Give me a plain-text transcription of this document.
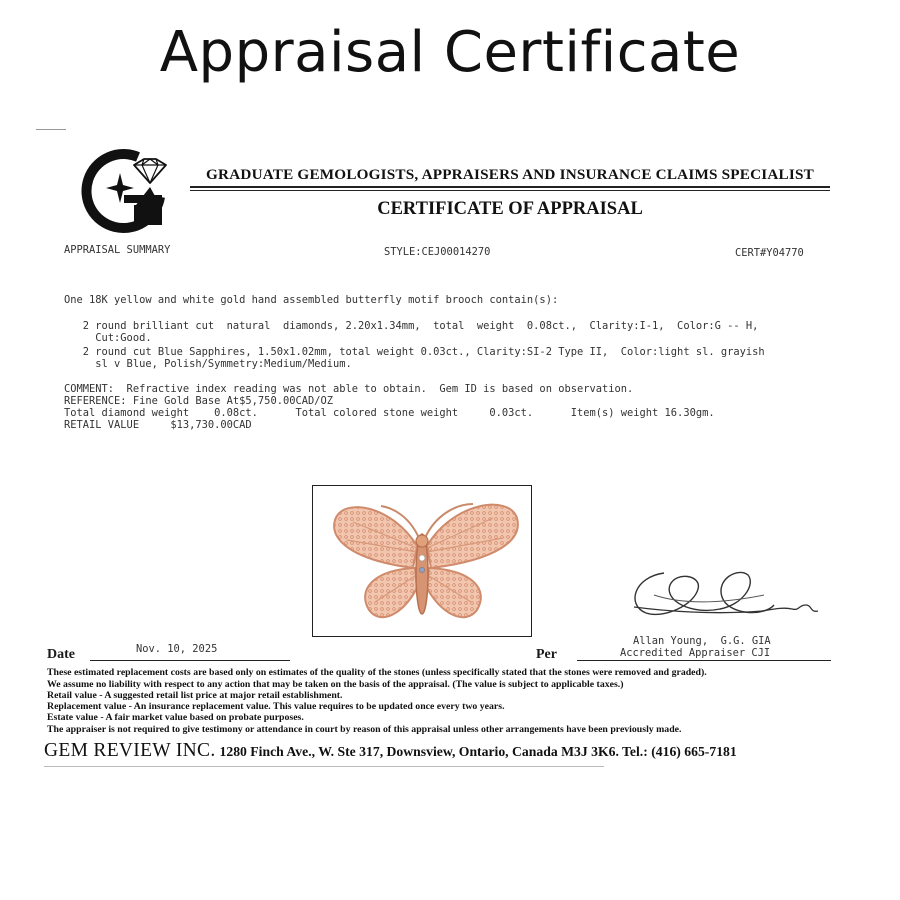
Appraisal Certificate
GRADUATE GEMOLOGISTS, APPRAISERS AND INSURANCE CLAIMS SPECIALIST
CERTIFICATE OF APPRAISAL
APPRAISAL SUMMARY	STYLE:CEJ00014270	CERT#Y04770
One 18K yellow and white gold hand assembled butterfly motif brooch contain(s):
2 round brilliant cut  natural  diamonds, 2.20x1.34mm,  total  weight  0.08ct.,  Clarity:I-1,  Color:G -- H,
Cut:Good.
2 round cut Blue Sapphires, 1.50x1.02mm, total weight 0.03ct., Clarity:SI-2 Type II,  Color:light sl. grayish
sl v Blue, Polish/Symmetry:Medium/Medium.
COMMENT:  Refractive index reading was not able to obtain.  Gem ID is based on observation.
REFERENCE: Fine Gold Base At$5,750.00CAD/OZ
Total diamond weight    0.08ct.      Total colored stone weight     0.03ct.      Item(s) weight 16.30gm.
RETAIL VALUE     $13,730.00CAD
Allan Young,  G.G. GIA
Accredited Appraiser CJI
Per
Date	Nov. 10, 2025
These estimated replacement costs are based only on estimates of the quality of the stones (unless specifically stated that the stones were removed and graded).
We assume no liability with respect to any action that may be taken on the basis of the appraisal. (The value is subject to applicable taxes.)
Retail value - A suggested retail list price at major retail establishment.
Replacement value - An insurance replacement value. This value requires to be updated once every two years.
Estate value - A fair market value based on probate purposes.
The appraiser is not required to give testimony or attendance in court by reason of this appraisal unless other arrangements have been previously made.
GEM REVIEW INC. 1280 Finch Ave., W. Ste 317, Downsview, Ontario, Canada M3J 3K6. Tel.: (416) 665-7181
